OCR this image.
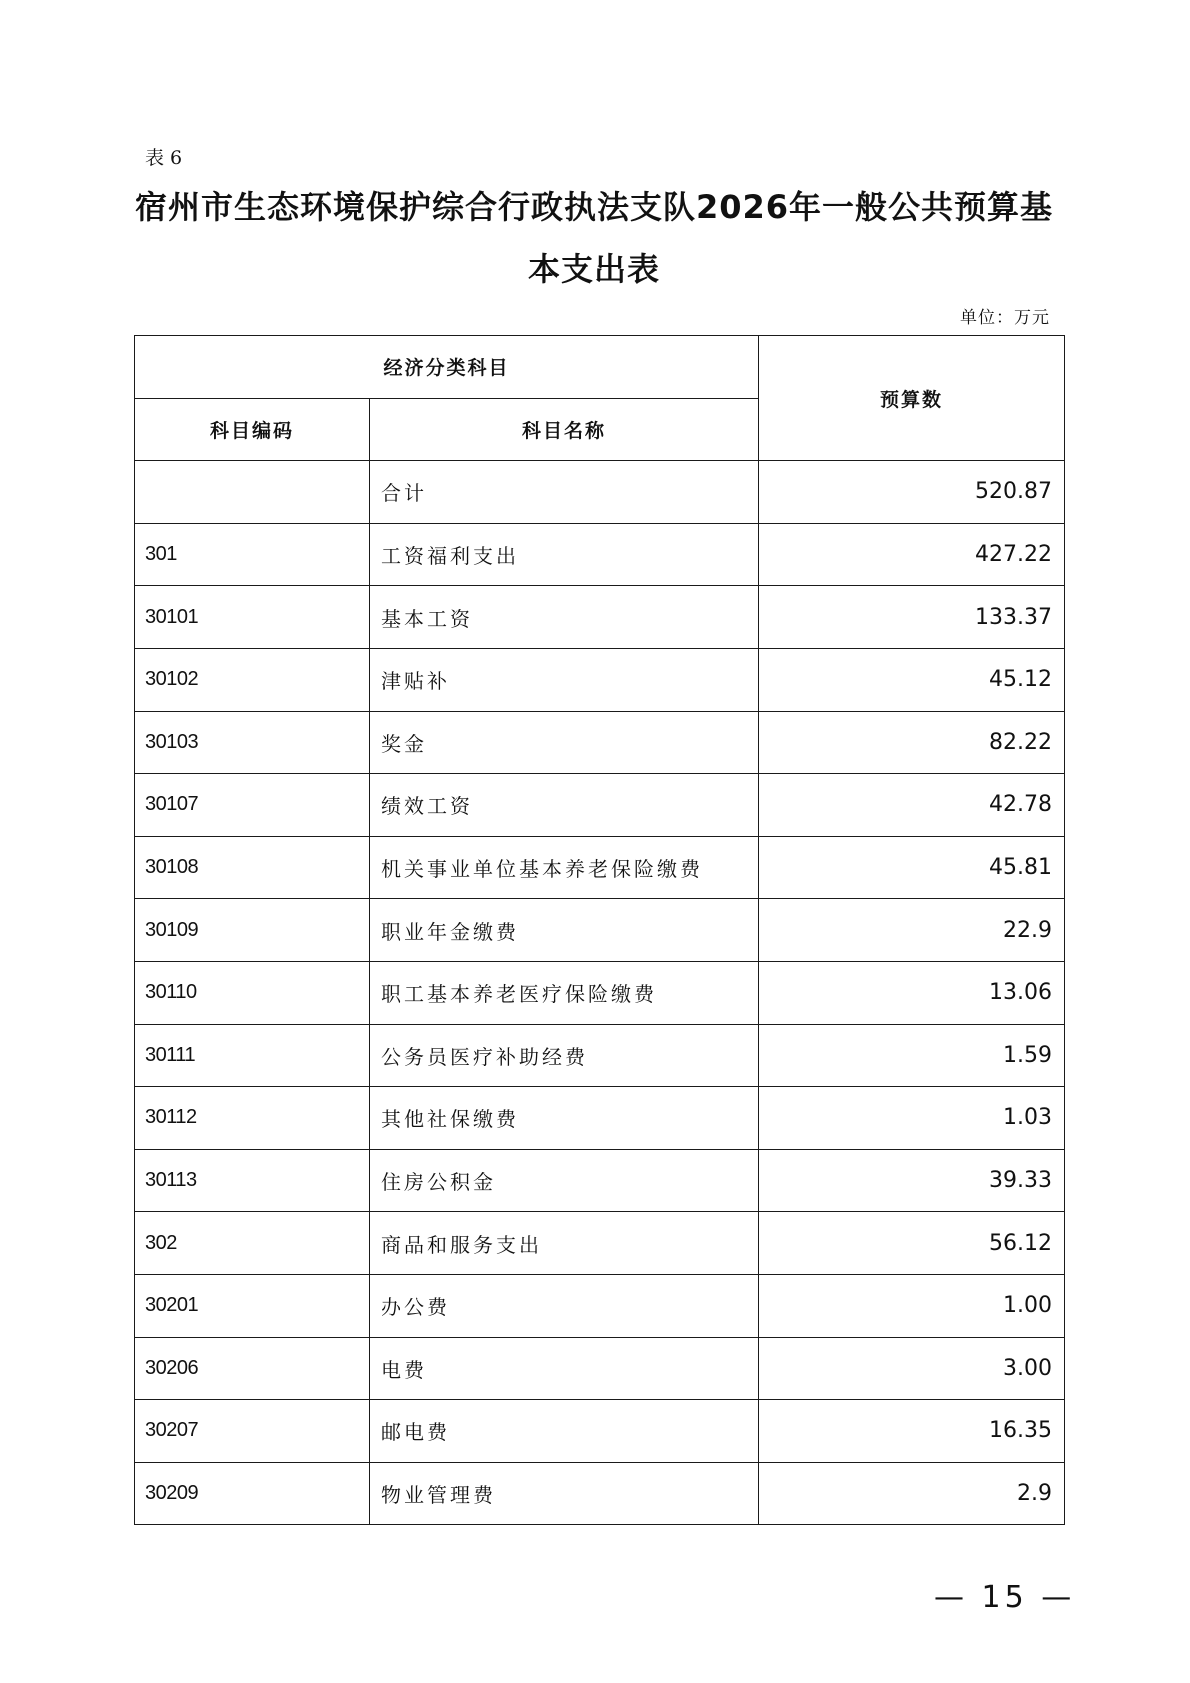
表 6
宿州市生态环境保护综合行政执法支队2026年一般公共预算基
本支出表
单位：万元
经济分类科目		预算数
科目编码	科目名称	
	合计	520.87
301	工资福利支出	427.22
30101	基本工资	133.37
30102	津贴补	45.12
30103	奖金	82.22
30107	绩效工资	42.78
30108	机关事业单位基本养老保险缴费	45.81
30109	职业年金缴费	22.9
30110	职工基本养老医疗保险缴费	13.06
30111	公务员医疗补助经费	1.59
30112	其他社保缴费	1.03
30113	住房公积金	39.33
302	商品和服务支出	56.12
30201	办公费	1.00
30206	电费	3.00
30207	邮电费	16.35
30209	物业管理费	2.9
— 15 —
